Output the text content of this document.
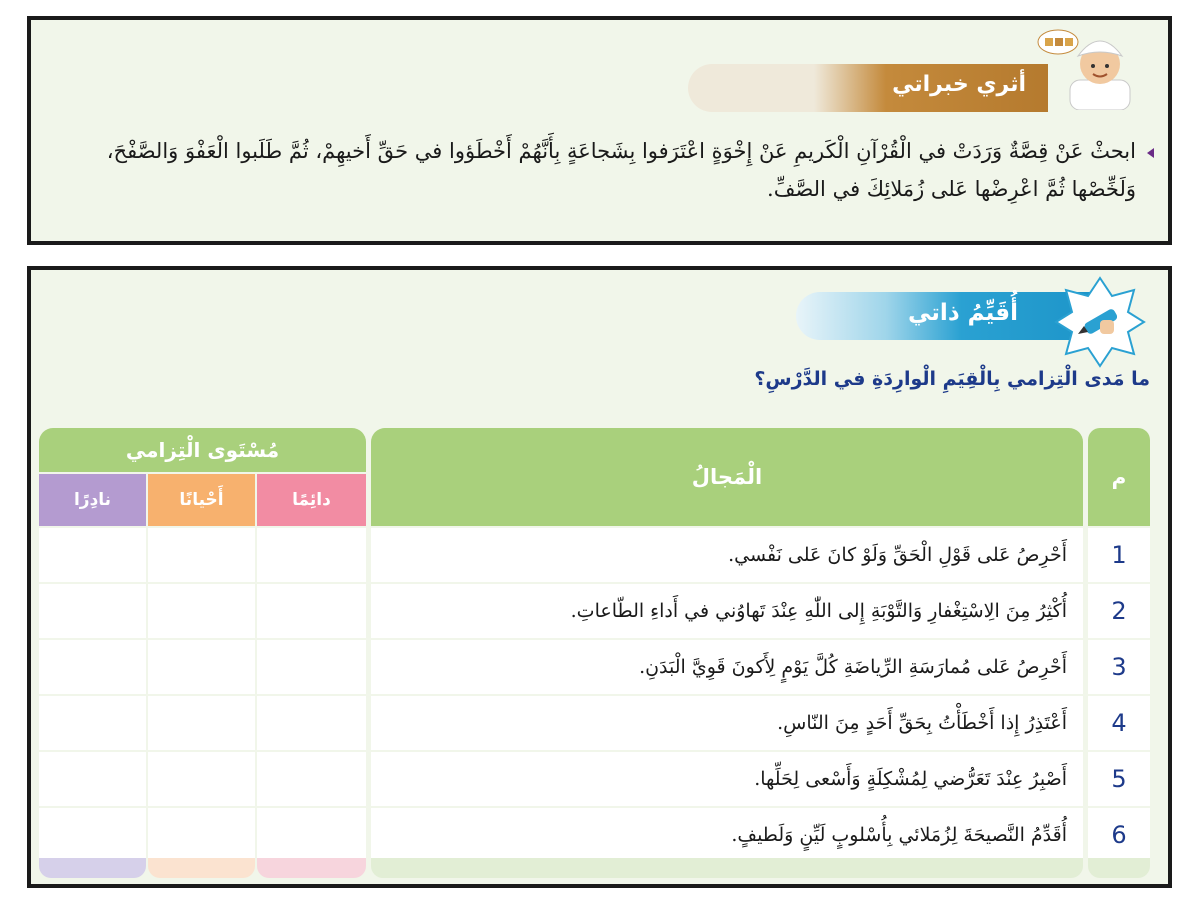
أثري خبراتي
ابحثْ عَنْ قِصَّةٌ وَرَدَتْ في الْقُرْآنِ الْكَريمِ عَنْ إِخْوَةٍ اعْتَرَفوا بِشَجاعَةٍ بِأَنَّهُمْ أَخْطَؤوا في حَقِّ أَخيهِمْ، ثُمَّ طَلَبوا الْعَفْوَ وَالصَّفْحَ، وَلَخِّصْها ثُمَّ اعْرِضْها عَلى زُمَلائِكَ في الصَّفِّ.
أُقَيِّمُ ذاتي
ما مَدى الْتِزامي بِالْقِيَمِ الْوارِدَةِ في الدَّرْسِ؟
م
الْمَجالُ
مُسْتَوى الْتِزامي
دائِمًا
أَحْيانًا
نادِرًا
1
أَحْرِصُ عَلى قَوْلِ الْحَقِّ وَلَوْ كانَ عَلى نَفْسي.
2
أُكْثِرُ مِنَ الِاسْتِغْفارِ وَالتَّوْبَةِ إِلى اللّٰهِ عِنْدَ تَهاوُني في أَداءِ الطّاعاتِ.
3
أَحْرِصُ عَلى مُمارَسَةِ الرِّياضَةِ كُلَّ يَوْمٍ لِأَكونَ قَوِيَّ الْبَدَنِ.
4
أَعْتَذِرُ إِذا أَخْطَأْتُ بِحَقِّ أَحَدٍ مِنَ النّاسِ.
5
أَصْبِرُ عِنْدَ تَعَرُّضي لِمُشْكِلَةٍ وَأَسْعى لِحَلِّها.
6
أُقَدِّمُ النَّصيحَةَ لِزُمَلائي بِأُسْلوبٍ لَيِّنٍ وَلَطيفٍ.
